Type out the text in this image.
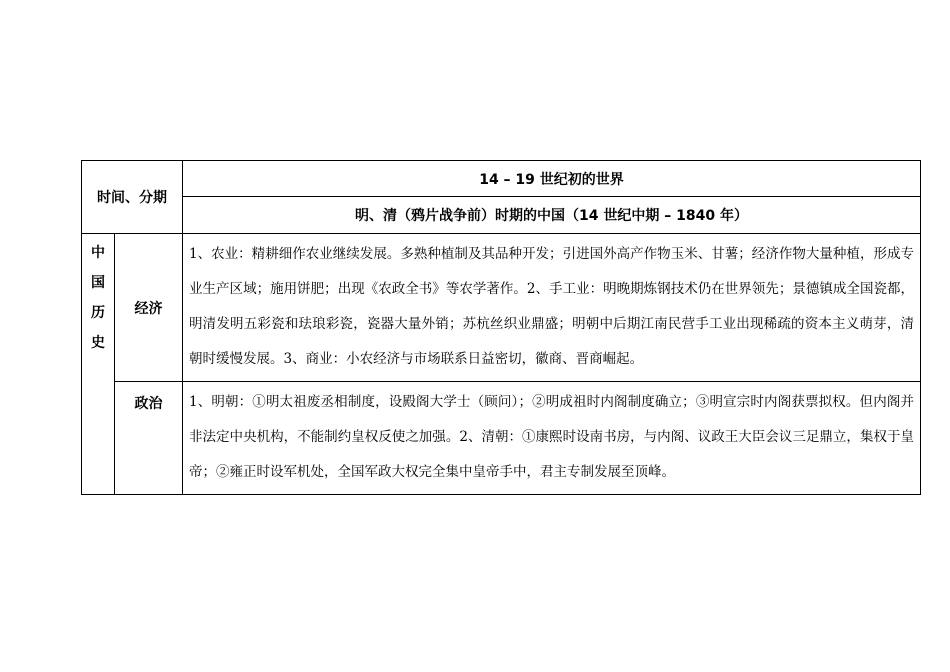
时间、分期		14 – 19 世纪初的世界
		明、清（鸦片战争前）时期的中国（14 世纪中期 – 1840 年）

中
国
历
史	经济	1、农业：精耕细作农业继续发展。多熟种植制及其品种开发；引进国外高产作物玉米、甘薯；经济作物大量种植，形成专业生产区域；施用饼肥；出现《农政全书》等农学著作。2、手工业：明晚期炼钢技术仍在世界领先；景德镇成全国瓷都，明清发明五彩瓷和珐琅彩瓷，瓷器大量外销；苏杭丝织业鼎盛；明朝中后期江南民营手工业出现稀疏的资本主义萌芽，清朝时缓慢发展。3、商业：小农经济与市场联系日益密切，徽商、晋商崛起。
	政治	1、明朝：①明太祖废丞相制度，设殿阁大学士（顾问）；②明成祖时内阁制度确立；③明宣宗时内阁获票拟权。但内阁并非法定中央机构，不能制约皇权反使之加强。2、清朝：①康熙时设南书房，与内阁、议政王大臣会议三足鼎立，集权于皇帝；②雍正时设军机处，全国军政大权完全集中皇帝手中，君主专制发展至顶峰。
